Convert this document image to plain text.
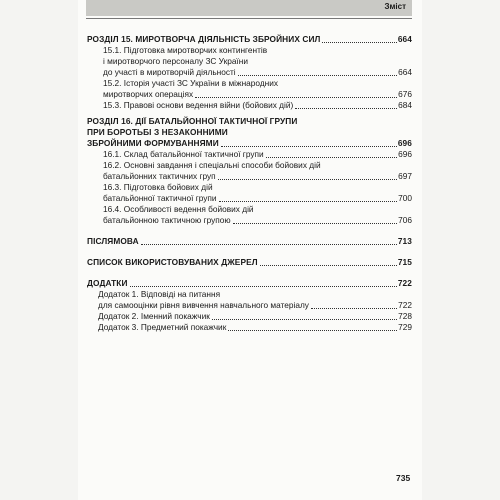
Зміст
РОЗДІЛ 15. МИРОТВОРЧА ДІЯЛЬНІСТЬ ЗБРОЙНИХ СИЛ	664
15.1. Підготовка миротворчих контингентів
і миротворчого персоналу ЗС України
до участі в миротворчій діяльності	664
15.2. Історія участі ЗС України в міжнародних
миротворчих операціях	676
15.3. Правові основи ведення війни (бойових дій)	684
РОЗДІЛ 16. ДІЇ БАТАЛЬЙОННОЇ ТАКТИЧНОЇ ГРУПИ
ПРИ БОРОТЬБІ З НЕЗАКОННИМИ
ЗБРОЙНИМИ ФОРМУВАННЯМИ	696
16.1. Склад батальйонної тактичної групи	696
16.2. Основні завдання і спеціальні способи бойових дій
батальйонних тактичних груп	697
16.3. Підготовка бойових дій
батальйонної тактичної групи	700
16.4. Особливості ведення бойових дій
батальйонною тактичною групою	706
ПІСЛЯМОВА	713
СПИСОК ВИКОРИСТОВУВАНИХ ДЖЕРЕЛ	715
ДОДАТКИ	722
Додаток 1. Відповіді на питання
для самооцінки рівня вивчення навчального матеріалу	722
Додаток 2. Іменний покажчик	728
Додаток 3. Предметний покажчик	729
735
